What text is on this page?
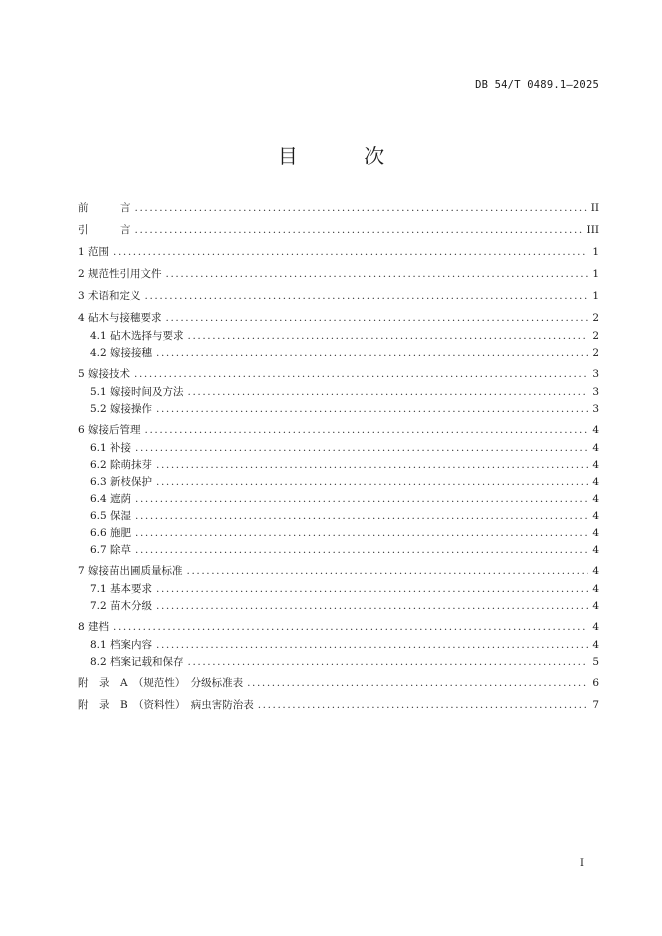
DB 54/T 0489.1—2025
目 次
前　　　言 .....	II
引　　　言 .....	III
1 范围 .....	1
2 规范性引用文件 .....	1
3 术语和定义 .....	1
4 砧木与接穗要求 .....	2
4.1 砧木选择与要求 .....	2
4.2 嫁接接穗 .....	2
5 嫁接技术 .....	3
5.1 嫁接时间及方法 .....	3
5.2 嫁接操作 .....	3
6 嫁接后管理 .....	4
6.1 补接 .....	4
6.2 除萌抹芽 .....	4
6.3 新枝保护 .....	4
6.4 遮荫 .....	4
6.5 保湿 .....	4
6.6 施肥 .....	4
6.7 除草 .....	4
7 嫁接苗出圃质量标准 .....	4
7.1 基本要求 .....	4
7.2 苗木分级 .....	4
8 建档 .....	4
8.1 档案内容 .....	4
8.2 档案记载和保存 .....	5
附　录　A　（规范性）　分级标准表 .....	6
附　录　B　（资料性）　病虫害防治表 .....	7
I
